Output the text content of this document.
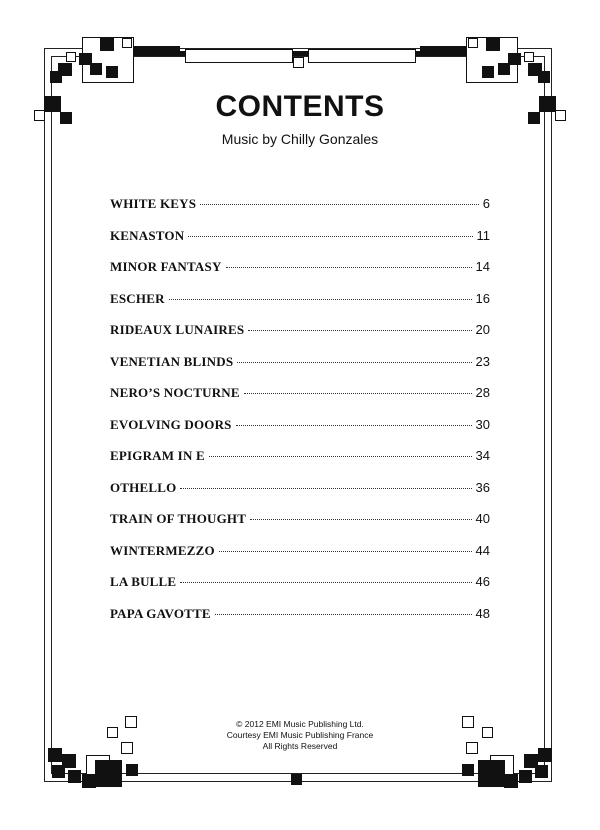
CONTENTS
Music by Chilly Gonzales
WHITE KEYS	6
KENASTON	11
MINOR FANTASY	14
ESCHER	16
RIDEAUX LUNAIRES	20
VENETIAN BLINDS	23
NERO’S NOCTURNE	28
EVOLVING DOORS	30
EPIGRAM IN E	34
OTHELLO	36
TRAIN OF THOUGHT	40
WINTERMEZZO	44
LA BULLE	46
PAPA GAVOTTE	48
© 2012 EMI Music Publishing Ltd.
Courtesy EMI Music Publishing France
All Rights Reserved
